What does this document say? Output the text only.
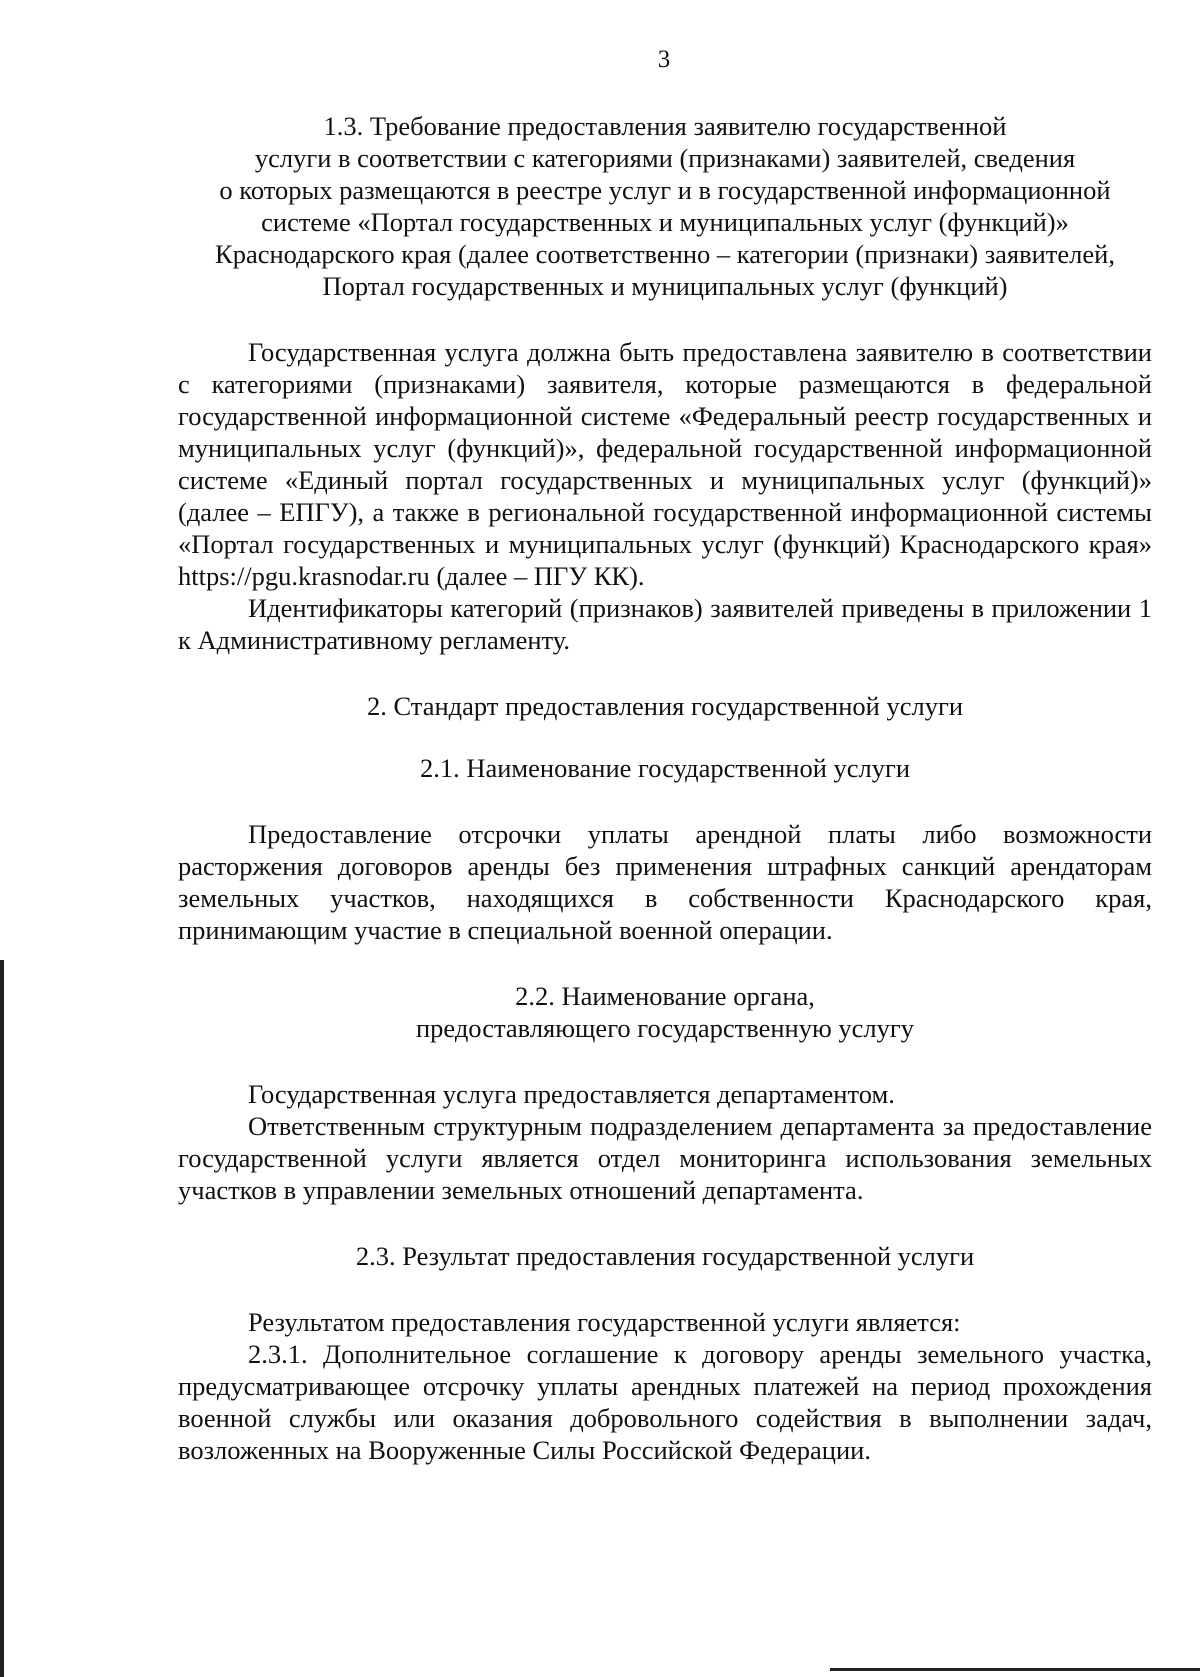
3
1.3. Требование предоставления заявителю государственной
услуги в соответствии с категориями (признаками) заявителей, сведения
о которых размещаются в реестре услуг и в государственной информационной
системе «Портал государственных и муниципальных услуг (функций)»
Краснодарского края (далее соответственно – категории (признаки) заявителей,
Портал государственных и муниципальных услуг (функций)

Государственная услуга должна быть предоставлена заявителю в соответствии с категориями (признаками) заявителя, которые размещаются в федеральной государственной информационной системе «Федеральный реестр государственных и муниципальных услуг (функций)», федеральной государственной информационной системе «Единый портал государственных и муниципальных услуг (функций)» (далее – ЕПГУ), а также в региональной государственной информационной системы «Портал государственных и муниципальных услуг (функций) Краснодарского края» https://pgu.krasnodar.ru (далее – ПГУ КК).

Идентификаторы категорий (признаков) заявителей приведены в приложении 1 к Административному регламенту.

2. Стандарт предоставления государственной услуги
2.1. Наименование государственной услуги

Предоставление отсрочки уплаты арендной платы либо возможности расторжения договоров аренды без применения штрафных санкций арендаторам земельных участков, находящихся в собственности Краснодарского края, принимающим участие в специальной военной операции.

2.2. Наименование органа,
предоставляющего государственную услугу

Государственная услуга предоставляется департаментом.

Ответственным структурным подразделением департамента за предоставление государственной услуги является отдел мониторинга использования земельных участков в управлении земельных отношений департамента.

2.3. Результат предоставления государственной услуги

Результатом предоставления государственной услуги является:

2.3.1. Дополнительное соглашение к договору аренды земельного участка, предусматривающее отсрочку уплаты арендных платежей на период прохождения военной службы или оказания добровольного содействия в выполнении задач, возложенных на Вооруженные Силы Российской Федерации.
